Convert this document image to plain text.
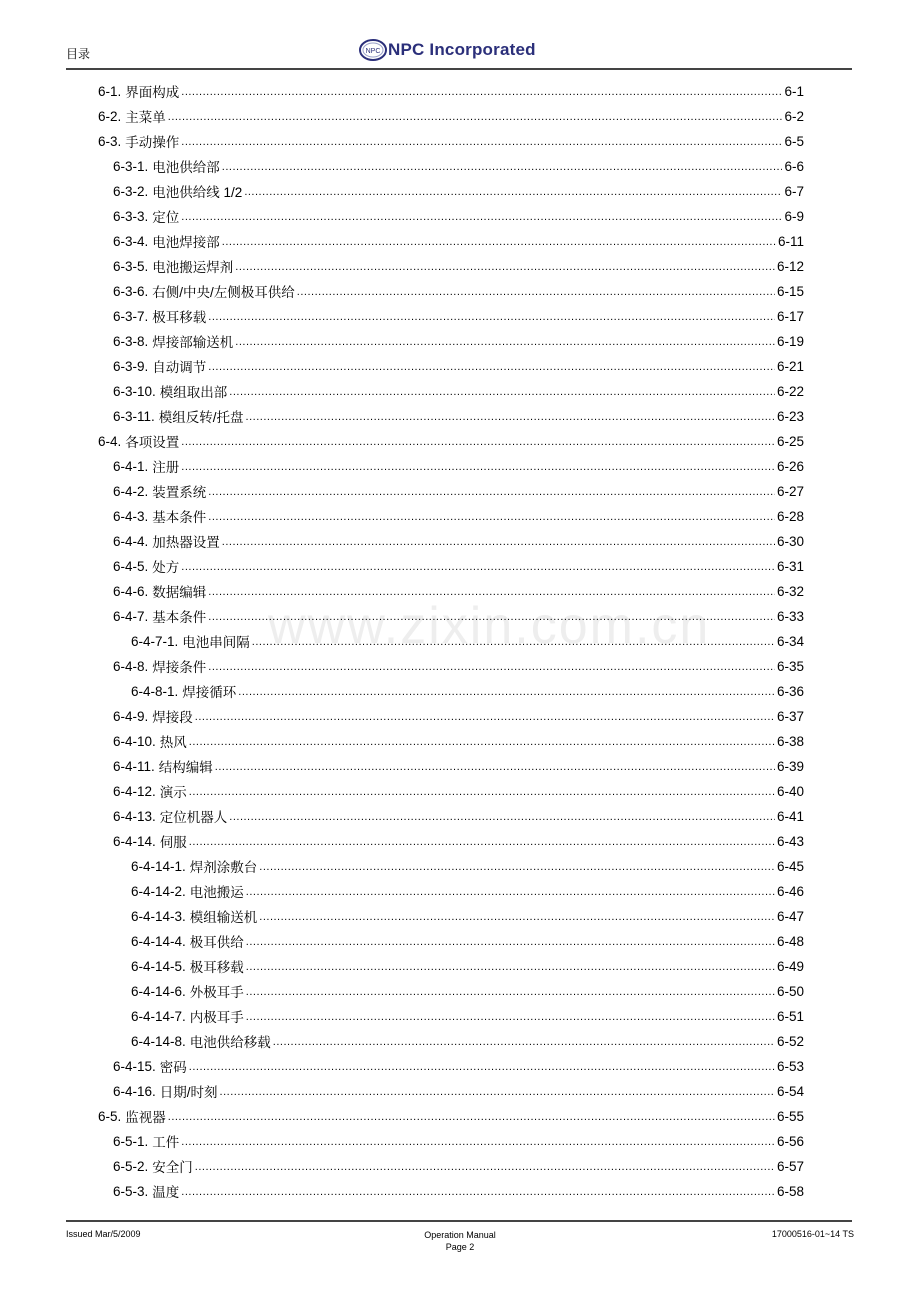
目录	NPC NPC Incorporated
www.zixin.com.cn
6-1. 界面构成 .....	6-1
6-2. 主菜单 .....	6-2
6-3. 手动操作 .....	6-5
6-3-1. 电池供给部 .....	6-6
6-3-2. 电池供给线 1/2 .....	6-7
6-3-3. 定位 .....	6-9
6-3-4. 电池焊接部 .....	6-11
6-3-5. 电池搬运焊剂 .....	6-12
6-3-6. 右侧/中央/左侧极耳供给 .....	6-15
6-3-7. 极耳移载 .....	6-17
6-3-8. 焊接部输送机 .....	6-19
6-3-9. 自动调节 .....	6-21
6-3-10. 模组取出部 .....	6-22
6-3-11. 模组反转/托盘 .....	6-23
6-4. 各项设置 .....	6-25
6-4-1. 注册 .....	6-26
6-4-2. 装置系统 .....	6-27
6-4-3. 基本条件 .....	6-28
6-4-4. 加热器设置 .....	6-30
6-4-5. 处方 .....	6-31
6-4-6. 数据编辑 .....	6-32
6-4-7. 基本条件 .....	6-33
6-4-7-1. 电池串间隔 .....	6-34
6-4-8. 焊接条件 .....	6-35
6-4-8-1. 焊接循环 .....	6-36
6-4-9. 焊接段 .....	6-37
6-4-10. 热风 .....	6-38
6-4-11. 结构编辑 .....	6-39
6-4-12. 演示 .....	6-40
6-4-13. 定位机器人 .....	6-41
6-4-14. 伺服 .....	6-43
6-4-14-1. 焊剂涂敷台 .....	6-45
6-4-14-2. 电池搬运 .....	6-46
6-4-14-3. 模组输送机 .....	6-47
6-4-14-4. 极耳供给 .....	6-48
6-4-14-5. 极耳移载 .....	6-49
6-4-14-6. 外极耳手 .....	6-50
6-4-14-7. 内极耳手 .....	6-51
6-4-14-8. 电池供给移载 .....	6-52
6-4-15. 密码 .....	6-53
6-4-16. 日期/时刻 .....	6-54
6-5. 监视器 .....	6-55
6-5-1. 工件 .....	6-56
6-5-2. 安全门 .....	6-57
6-5-3. 温度 .....	6-58
Issued Mar/5/2009	Operation Manual
Page 2
17000516-01~14 TS
